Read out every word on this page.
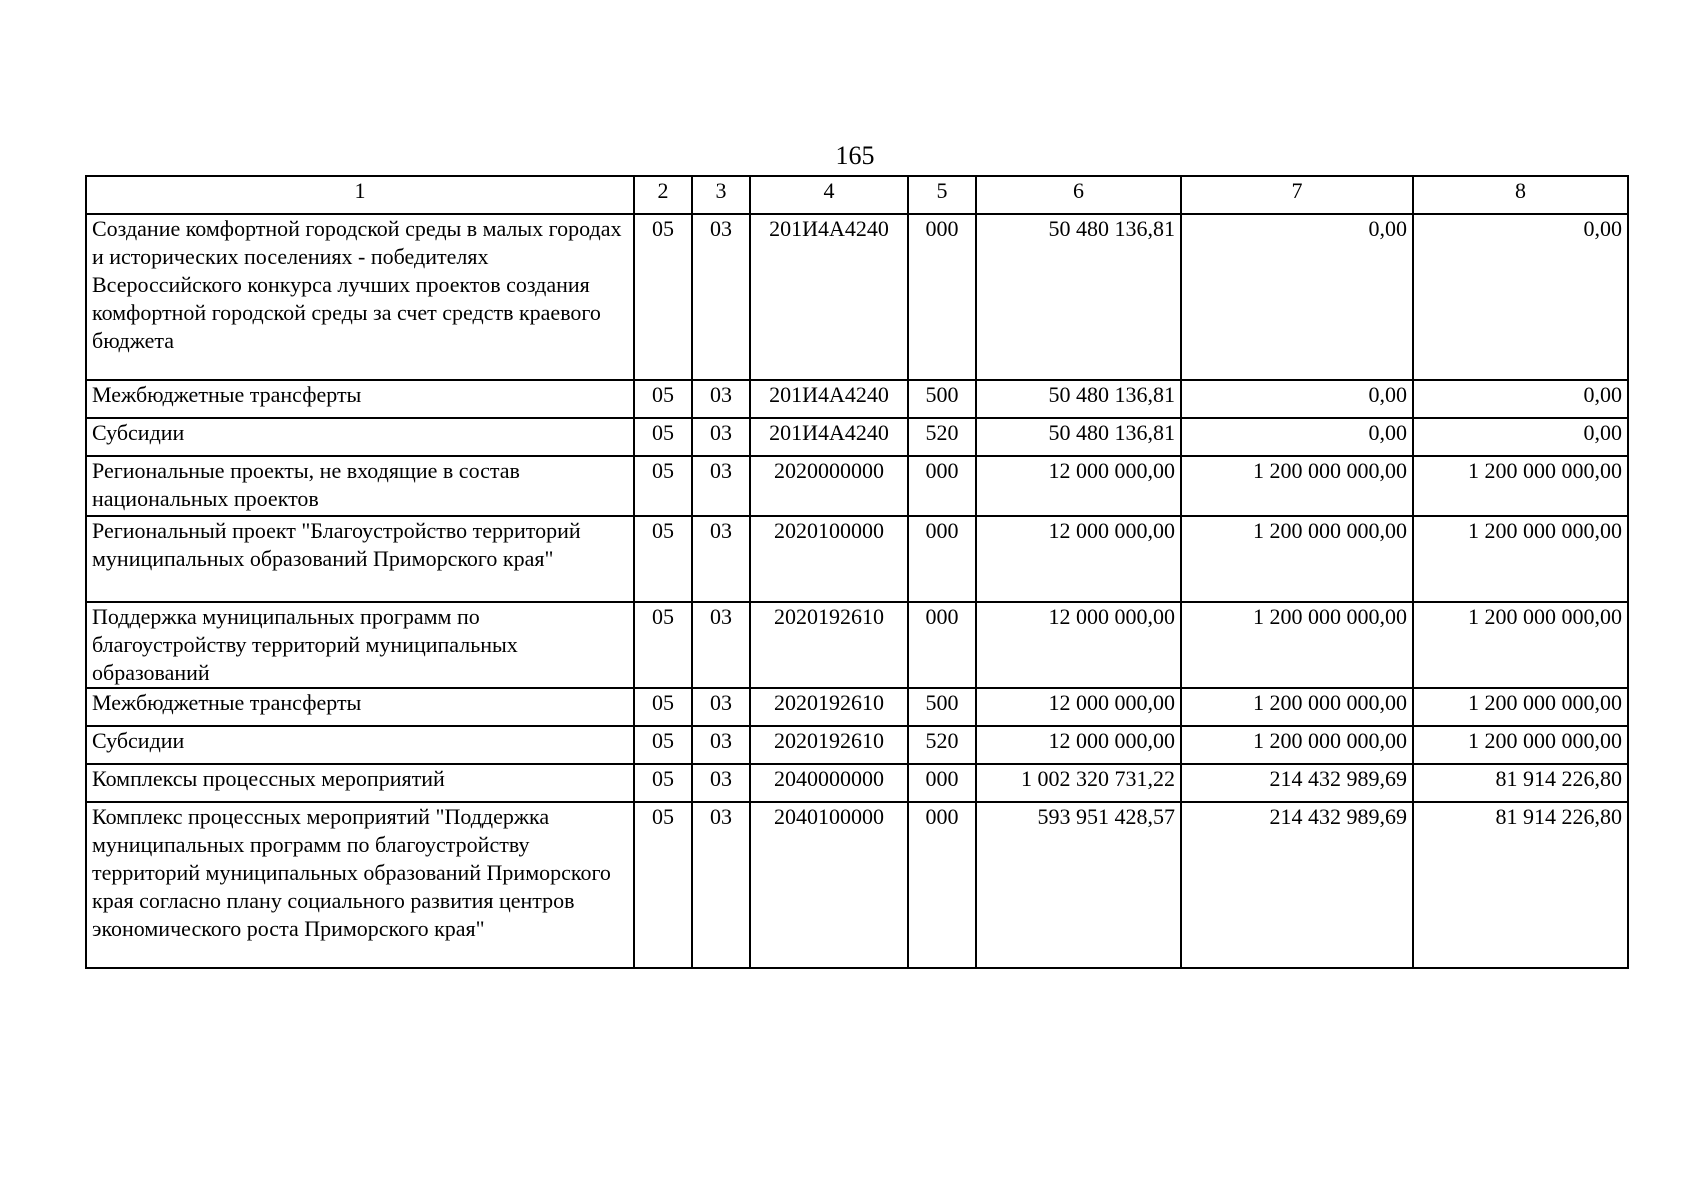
165
1	2	3	4	5	6	7	8
Создание комфортной городской среды в малых городах и исторических поселениях - победителях Всероссийского конкурса лучших проектов создания комфортной городской среды за счет средств краевого бюджета	05	03	201И4А4240	000	50 480 136,81	0,00	0,00
Межбюджетные трансферты	05	03	201И4А4240	500	50 480 136,81	0,00	0,00
Субсидии	05	03	201И4А4240	520	50 480 136,81	0,00	0,00
Региональные проекты, не входящие в состав национальных проектов	05	03	2020000000	000	12 000 000,00	1 200 000 000,00	1 200 000 000,00
Региональный проект "Благоустройство территорий муниципальных образований Приморского края"	05	03	2020100000	000	12 000 000,00	1 200 000 000,00	1 200 000 000,00
Поддержка муниципальных программ по благоустройству территорий муниципальных образований	05	03	2020192610	000	12 000 000,00	1 200 000 000,00	1 200 000 000,00
Межбюджетные трансферты	05	03	2020192610	500	12 000 000,00	1 200 000 000,00	1 200 000 000,00
Субсидии	05	03	2020192610	520	12 000 000,00	1 200 000 000,00	1 200 000 000,00
Комплексы процессных мероприятий	05	03	2040000000	000	1 002 320 731,22	214 432 989,69	81 914 226,80
Комплекс процессных мероприятий "Поддержка муниципальных программ по благоустройству территорий муниципальных образований Приморского края согласно плану социального развития центров экономического роста Приморского края"	05	03	2040100000	000	593 951 428,57	214 432 989,69	81 914 226,80
